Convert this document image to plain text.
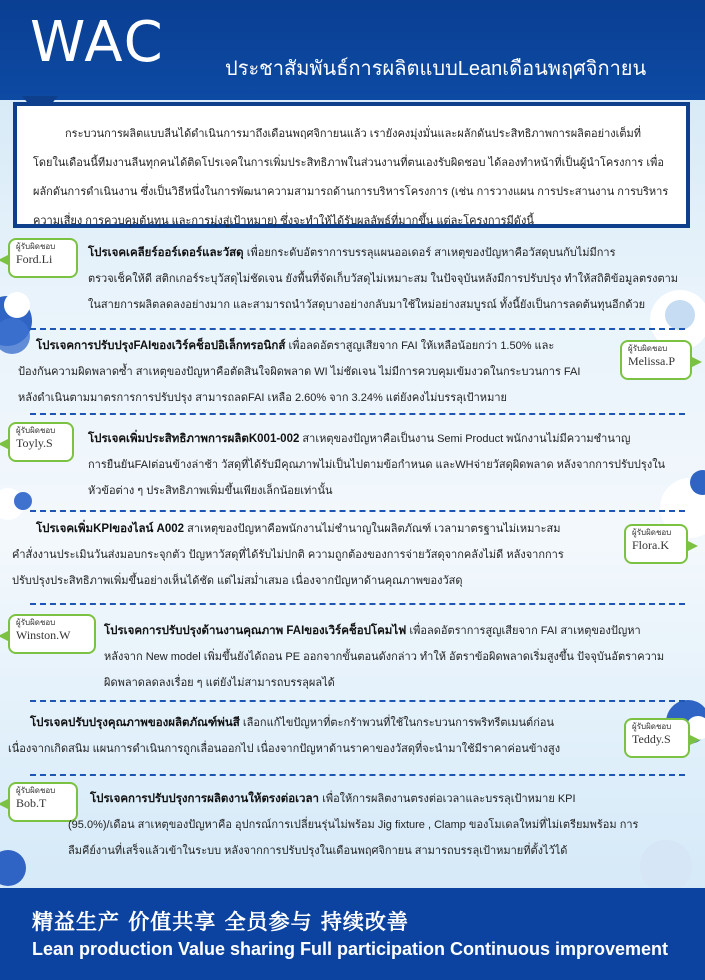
WAC	ประชาสัมพันธ์การผลิตแบบLeanเดือนพฤศจิกายน
กระบวนการผลิตแบบลีนได้ดำเนินการมาถึงเดือนพฤศจิกายนแล้ว เรายังคงมุ่งมั่นและผลักดันประสิทธิภาพการผลิตอย่างเต็มที่
โดยในเดือนนี้ทีมงานลีนทุกคนได้ติดโปรเจคในการเพิ่มประสิทธิภาพในส่วนงานที่ตนเองรับผิดชอบ ได้ลองทำหน้าที่เป็นผู้นำโครงการ เพื่อ
ผลักดันการดำเนินงาน ซึ่งเป็นวิธีหนึ่งในการพัฒนาความสามารถด้านการบริหารโครงการ (เช่น การวางแผน การประสานงาน การบริหาร
ความเสี่ยง การควบคุมต้นทุน และการมุ่งสู่เป้าหมาย) ซึ่งจะทำให้ได้รับผลลัพธ์ที่มากขึ้น แต่ละโครงการมีดังนี้
ผู้รับผิดชอบ
Ford.Li	โปรเจคเคลียร์ออร์เดอร์และวัสดุ เพื่อยกระดับอัตราการบรรลุแผนออเดอร์ สาเหตุของปัญหาคือวัสดุบนกับไม่มีการ
ตรวจเช็คให้ดี สติกเกอร์ระบุวัสดุไม่ชัดเจน ยังพื้นที่จัดเก็บวัสดุไม่เหมาะสม ในปัจจุบันหลังมีการปรับปรุง ทำให้สถิติข้อมูลตรงตาม
ในสายการผลิตลดลงอย่างมาก และสามารถนำวัสดุบางอย่างกลับมาใช้ใหม่อย่างสมบูรณ์ ทั้งนี้ยังเป็นการลดต้นทุนอีกด้วย
โปรเจคการปรับปรุงFAIของเวิร์คช็อปอิเล็กทรอนิกส์ เพื่อลดอัตราสูญเสียจาก FAI ให้เหลือน้อยกว่า 1.50% และ
ป้องกันความผิดพลาดซ้ำ สาเหตุของปัญหาคือตัดสินใจผิดพลาด WI ไม่ชัดเจน ไม่มีการควบคุมเข้มงวดในกระบวนการ FAI
หลังดำเนินตามมาตรการการปรับปรุง สามารถลดFAI เหลือ 2.60% จาก 3.24% แต่ยังคงไม่บรรลุเป้าหมาย
ผู้รับผิดชอบ
Melissa.P
ผู้รับผิดชอบ
Toyly.S	โปรเจคเพิ่มประสิทธิภาพการผลิตK001-002 สาเหตุของปัญหาคือเป็นงาน Semi Product พนักงานไม่มีความชำนาญ
การยืนยันFAIต่อนข้างล่าช้า วัสดุที่ได้รับมีคุณภาพไม่เป็นไปตามข้อกำหนด และWHจ่ายวัสดุผิดพลาด หลังจากการปรับปรุงใน
หัวข้อต่าง ๆ ประสิทธิภาพเพิ่มขึ้นเพียงเล็กน้อยเท่านั้น
โปรเจคเพิ่มKPIของไลน์ A002 สาเหตุของปัญหาคือพนักงานไม่ชำนาญในผลิตภัณฑ์ เวลามาตรฐานไม่เหมาะสม
คำสั่งงานประเมินวันส่งมอบกระจุกตัว ปัญหาวัสดุที่ได้รับไม่ปกติ ความถูกต้องของการจ่ายวัสดุจากคลังไม่ดี หลังจากการ
ปรับปรุงประสิทธิภาพเพิ่มขึ้นอย่างเห็นได้ชัด แต่ไม่สม่ำเสมอ เนื่องจากปัญหาด้านคุณภาพของวัสดุ
ผู้รับผิดชอบ
Flora.K
ผู้รับผิดชอบ
Winston.W	โปรเจคการปรับปรุงด้านงานคุณภาพ FAIของเวิร์คช็อปโคมไฟ เพื่อลดอัตราการสูญเสียจาก FAI สาเหตุของปัญหา
หลังจาก New model เพิ่มขึ้นยังได้ถอน PE ออกจากขั้นตอนดังกล่าว ทำให้ อัตราข้อผิดพลาดเริ่มสูงขึ้น ปัจจุบันอัตราความ
ผิดพลาดลดลงเรื่อย ๆ แต่ยังไม่สามารถบรรลุผลได้
โปรเจคปรับปรุงคุณภาพของผลิตภัณฑ์พ่นสี เลือกแก้ไขปัญหาที่ตะกรัาพวนที่ใช้ในกระบวนการพริทรีตเมนต์ก่อน
เนื่องจากเกิดสนิม แผนการดำเนินการถูกเลื่อนออกไป เนื่องจากปัญหาด้านราคาของวัสดุที่จะนำมาใช้มีราคาค่อนข้างสูง
ผู้รับผิดชอบ
Teddy.S
ผู้รับผิดชอบ
Bob.T	โปรเจคการปรับปรุงการผลิตงานให้ตรงต่อเวลา เพื่อให้การผลิตงานตรงต่อเวลาและบรรลุเป้าหมาย KPI
(95.0%)/เดือน สาเหตุของปัญหาคือ อุปกรณ์การเปลี่ยนรุ่นไม่พร้อม Jig fixture , Clamp ของโมเดลใหม่ที่ไม่เตรียมพร้อม การ
ลืมคีย์งานที่เสร็จแล้วเข้าในระบบ หลังจากการปรับปรุงในเดือนพฤศจิกายน สามารถบรรลุเป้าหมายที่ตั้งไว้ได้
精益生产 价值共享 全员参与 持续改善
Lean production Value sharing Full participation Continuous improvement
